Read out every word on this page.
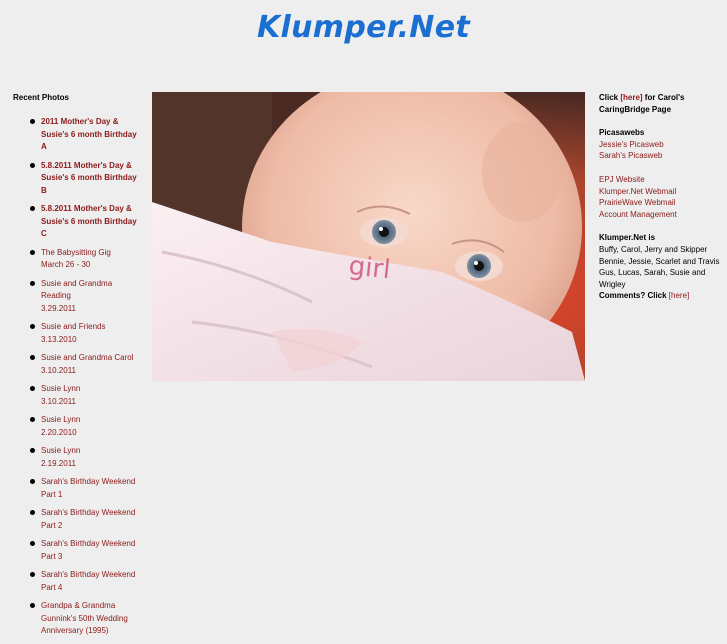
Klumper.Net
Recent Photos
2011 Mother's Day &
Susie's 6 month Birthday
A
5.8.2011 Mother's Day &
Susie's 6 month Birthday
B
5.8.2011 Mother's Day &
Susie's 6 month Birthday
C
The Babysitting Gig
March 26 - 30
Susie and Grandma
Reading
3.29.2011
Susie and Friends
3.13.2010
Susie and Grandma Carol
3.10.2011
Susie Lynn
3.10.2011
Susie Lynn
2.20.2010
Susie Lynn
2.19.2011
Sarah's Birthday Weekend
Part 1
Sarah's Birthday Weekend
Part 2
Sarah's Birthday Weekend
Part 3
Sarah's Birthday Weekend
Part 4
Grandpa & Grandma
Gunnink's 50th Wedding
Anniversary (1995)
girl

Click [here] for Carol's

CaringBridge Page

Picasawebs

Jessie's Picasweb

Sarah's Picasweb

EPJ Website

Klumper.Net Webmail

PrairieWave Webmail

Account Management

Klumper.Net is

Buffy, Carol, Jerry and Skipper

Bennie, Jessie, Scarlet and Travis

Gus, Lucas, Sarah, Susie and

Wrigley

Comments? Click [here]
